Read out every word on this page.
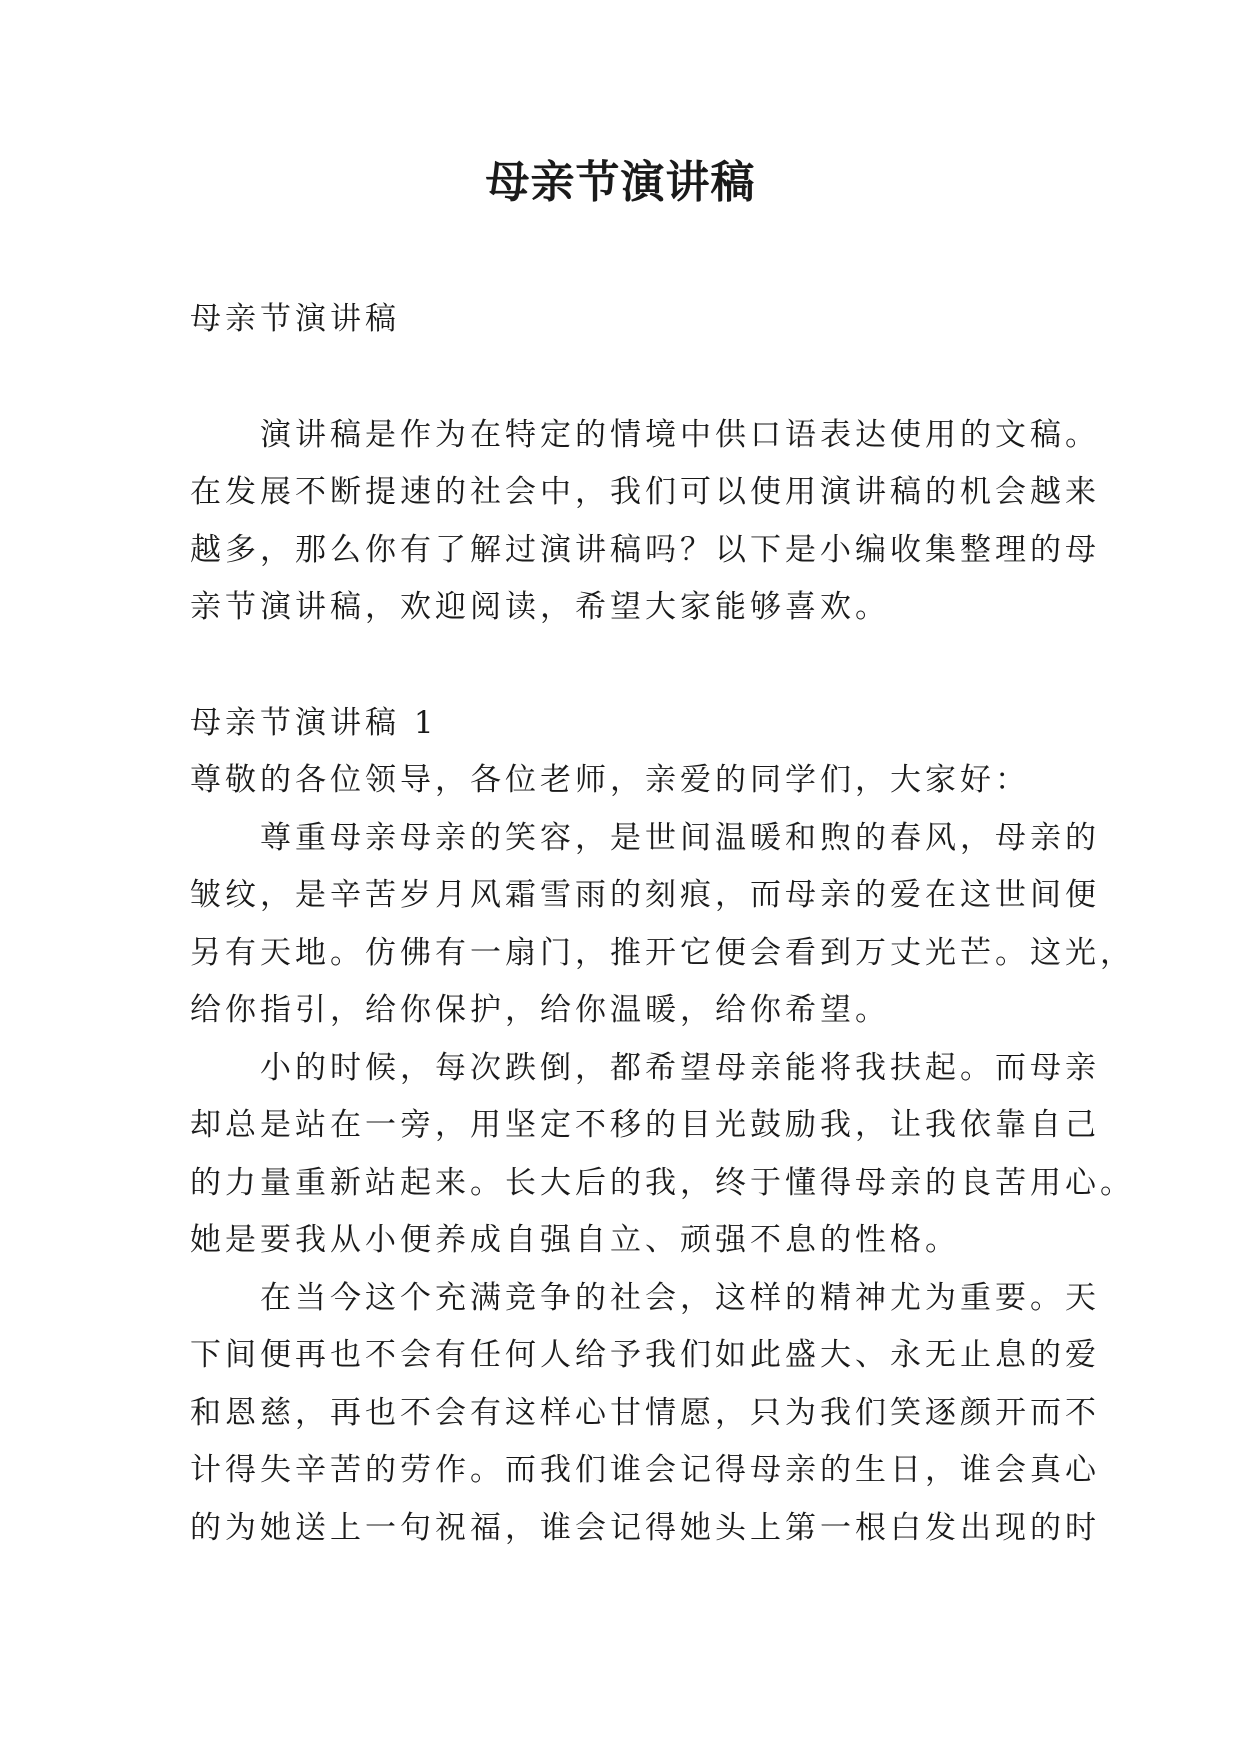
母亲节演讲稿
母亲节演讲稿
演讲稿是作为在特定的情境中供口语表达使用的文稿。
在发展不断提速的社会中，我们可以使用演讲稿的机会越来
越多，那么你有了解过演讲稿吗？以下是小编收集整理的母
亲节演讲稿，欢迎阅读，希望大家能够喜欢。
母亲节演讲稿 1
尊敬的各位领导，各位老师，亲爱的同学们，大家好：
尊重母亲母亲的笑容，是世间温暖和煦的春风，母亲的
皱纹，是辛苦岁月风霜雪雨的刻痕，而母亲的爱在这世间便
另有天地。仿佛有一扇门，推开它便会看到万丈光芒。这光，
给你指引，给你保护，给你温暖，给你希望。
小的时候，每次跌倒，都希望母亲能将我扶起。而母亲
却总是站在一旁，用坚定不移的目光鼓励我，让我依靠自己
的力量重新站起来。长大后的我，终于懂得母亲的良苦用心。
她是要我从小便养成自强自立、顽强不息的性格。
在当今这个充满竞争的社会，这样的精神尤为重要。天
下间便再也不会有任何人给予我们如此盛大、永无止息的爱
和恩慈，再也不会有这样心甘情愿，只为我们笑逐颜开而不
计得失辛苦的劳作。而我们谁会记得母亲的生日，谁会真心
的为她送上一句祝福，谁会记得她头上第一根白发出现的时
